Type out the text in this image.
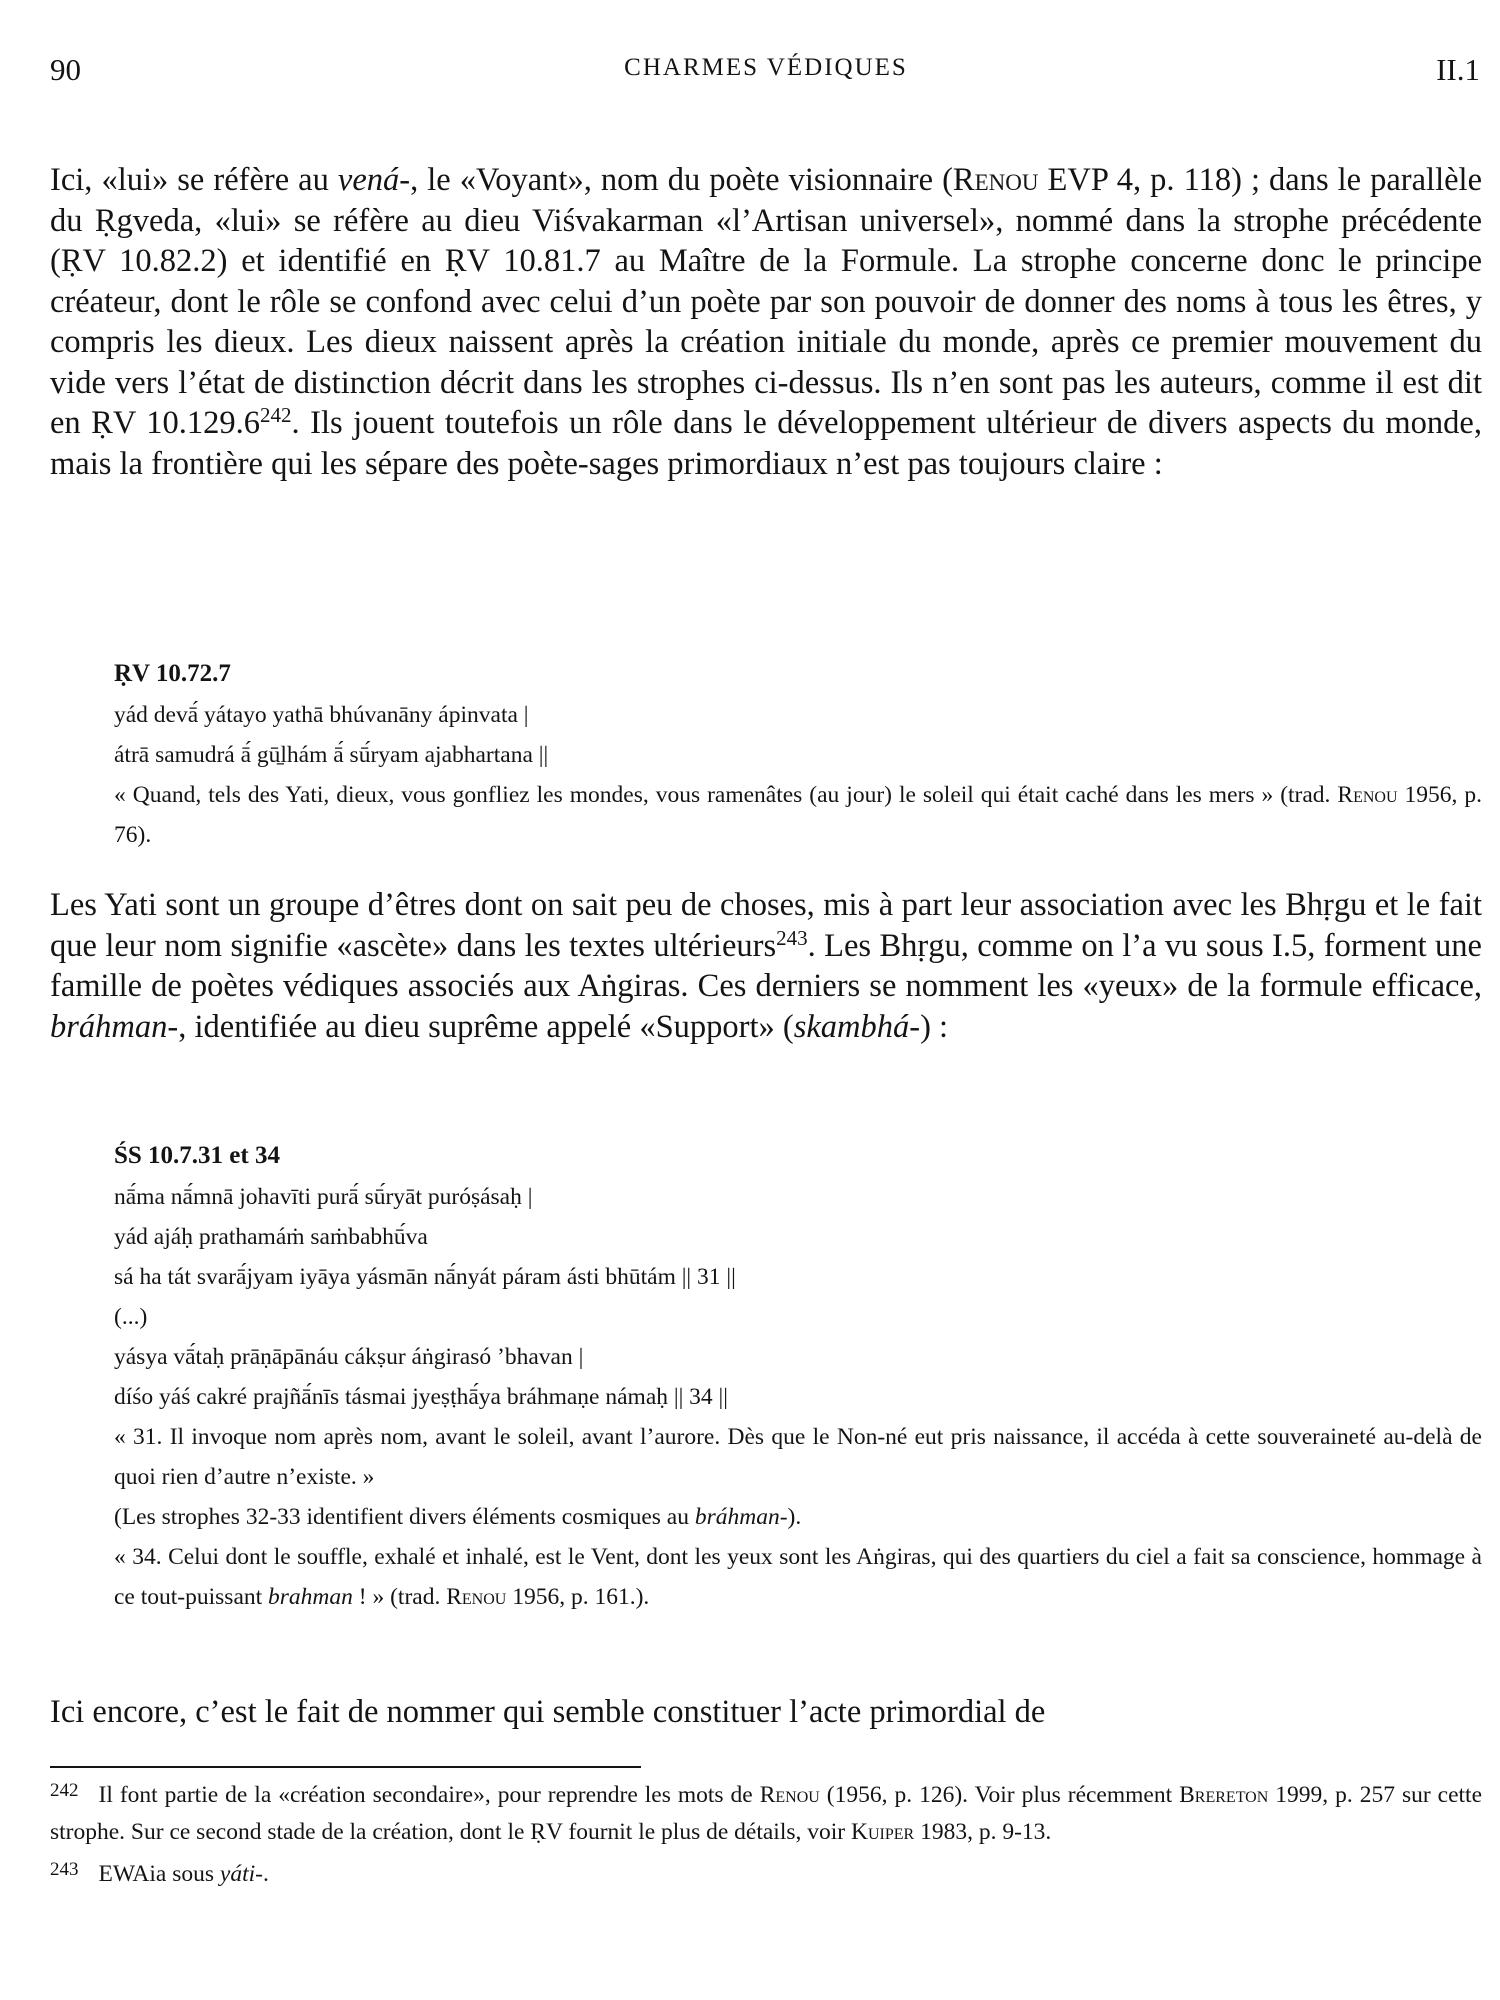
90	CHARMES VÉDIQUES	II.1

Ici, «lui» se réfère au vená-, le «Voyant», nom du poète visionnaire (Renou EVP 4, p. 118) ; dans le parallèle du Ṛgveda, «lui» se réfère au dieu Viśvakarman «l’Artisan universel», nommé dans la strophe précédente (ṚV 10.82.2) et identifié en ṚV 10.81.7 au Maître de la Formule. La strophe concerne donc le principe créateur, dont le rôle se confond avec celui d’un poète par son pouvoir de donner des noms à tous les êtres, y compris les dieux. Les dieux naissent après la création initiale du monde, après ce premier mouvement du vide vers l’état de distinction décrit dans les strophes ci-dessus. Ils n’en sont pas les auteurs, comme il est dit en ṚV 10.129.6$^{242}$. Ils jouent toutefois un rôle dans le développement ultérieur de divers aspects du monde, mais la frontière qui les sépare des poète-sages primordiaux n’est pas toujours claire :

ṚV 10.72.7
yád devā́ yátayo yathā bhúvanāny ápinvata |
átrā samudrá ā́ gū̱lhám ā́ sū́ryam ajabhartana ||
« Quand, tels des Yati, dieux, vous gonfliez les mondes, vous ramenâtes (au jour) le soleil qui était caché dans les mers » (trad. Renou 1956, p. 76).

Les Yati sont un groupe d’êtres dont on sait peu de choses, mis à part leur association avec les Bhṛgu et le fait que leur nom signifie «ascète» dans les textes ultérieurs$^{243}$. Les Bhṛgu, comme on l’a vu sous I.5, forment une famille de poètes védiques associés aux Aṅgiras. Ces derniers se nomment les «yeux» de la formule efficace, bráhman-, identifiée au dieu suprême appelé «Support» (skambhá-) :

ŚS 10.7.31 et 34
nā́ma nā́mnā johavīti purā́ sū́ryāt puróṣásaḥ |
yád ajáḥ prathamáṁ saṁbabhū́va
sá ha tát svarā́jyam iyāya yásmān nā́nyát páram ásti bhūtám || 31 ||
(...)
yásya vā́taḥ prāṇāpānáu cákṣur áṅgirasó ’bhavan |
díśo yáś cakré prajñā́nīs tásmai jyeṣṭhā́ya bráhmaṇe námaḥ || 34 ||
« 31. Il invoque nom après nom, avant le soleil, avant l’aurore. Dès que le Non-né eut pris naissance, il accéda à cette souveraineté au-delà de quoi rien d’autre n’existe. »
(Les strophes 32-33 identifient divers éléments cosmiques au bráhman-).
« 34. Celui dont le souffle, exhalé et inhalé, est le Vent, dont les yeux sont les Aṅgiras, qui des quartiers du ciel a fait sa conscience, hommage à ce tout-puissant brahman ! » (trad. Renou 1956, p. 161.).

Ici encore, c’est le fait de nommer qui semble constituer l’acte primordial de

$^{242}$ Il font partie de la «création secondaire», pour reprendre les mots de Renou (1956, p. 126). Voir plus récemment Brereton 1999, p. 257 sur cette strophe. Sur ce second stade de la création, dont le ṚV fournit le plus de détails, voir Kuiper 1983, p. 9-13.

$^{243}$ EWAia sous yáti-.
